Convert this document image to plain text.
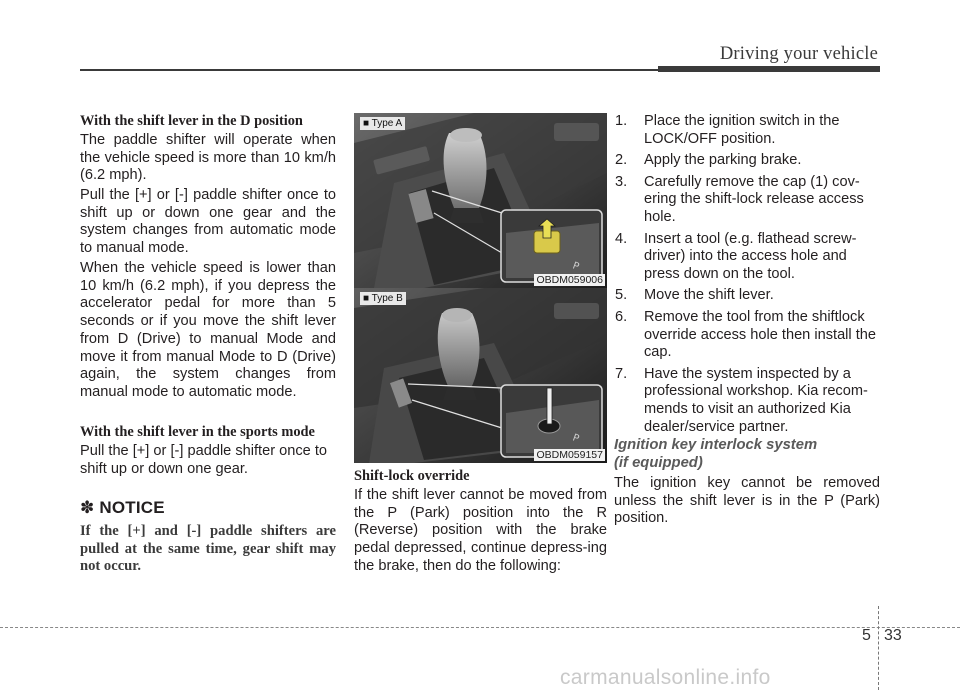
Driving your vehicle

With the shift lever in the D position

The paddle shifter will operate when the vehicle speed is more than 10 km/h (6.2 mph).

Pull the [+] or [-] paddle shifter once to shift up or down one gear and the system changes from automatic mode to manual mode.

When the vehicle speed is lower than 10 km/h (6.2 mph), if you depress the accelerator pedal for more than 5 seconds or if you move the shift lever from D (Drive) to manual Mode and move it from manual Mode to D (Drive) again, the system changes from manual mode to automatic mode.

With the shift lever in the sports mode

Pull the [+] or [-] paddle shifter once to shift up or down one gear.

✽ NOTICE

If the [+] and [-] paddle shifters are pulled at the same time, gear shift may not occur.

P
■ Type A
OBDM059006
P
■ Type B
OBDM059157

Shift-lock override

If the shift lever cannot be moved from the P (Park) position into the R (Reverse) position with the brake pedal depressed, continue depress-ing the brake, then do the following:

1. Place the ignition switch in the LOCK/OFF position.
2. Apply the parking brake.
3. Carefully remove the cap (1) cov-ering the shift-lock release access hole.
4. Insert a tool (e.g. flathead screw-driver) into the access hole and press down on the tool.
5. Move the shift lever.
6. Remove the tool from the shiftlock override access hole then install the cap.
7. Have the system inspected by a professional workshop. Kia recom-mends to visit an authorized Kia dealer/service partner.

Ignition key interlock system
(if equipped)

The ignition key cannot be removed unless the shift lever is in the P (Park) position.

5 33
carmanualsonline.info
